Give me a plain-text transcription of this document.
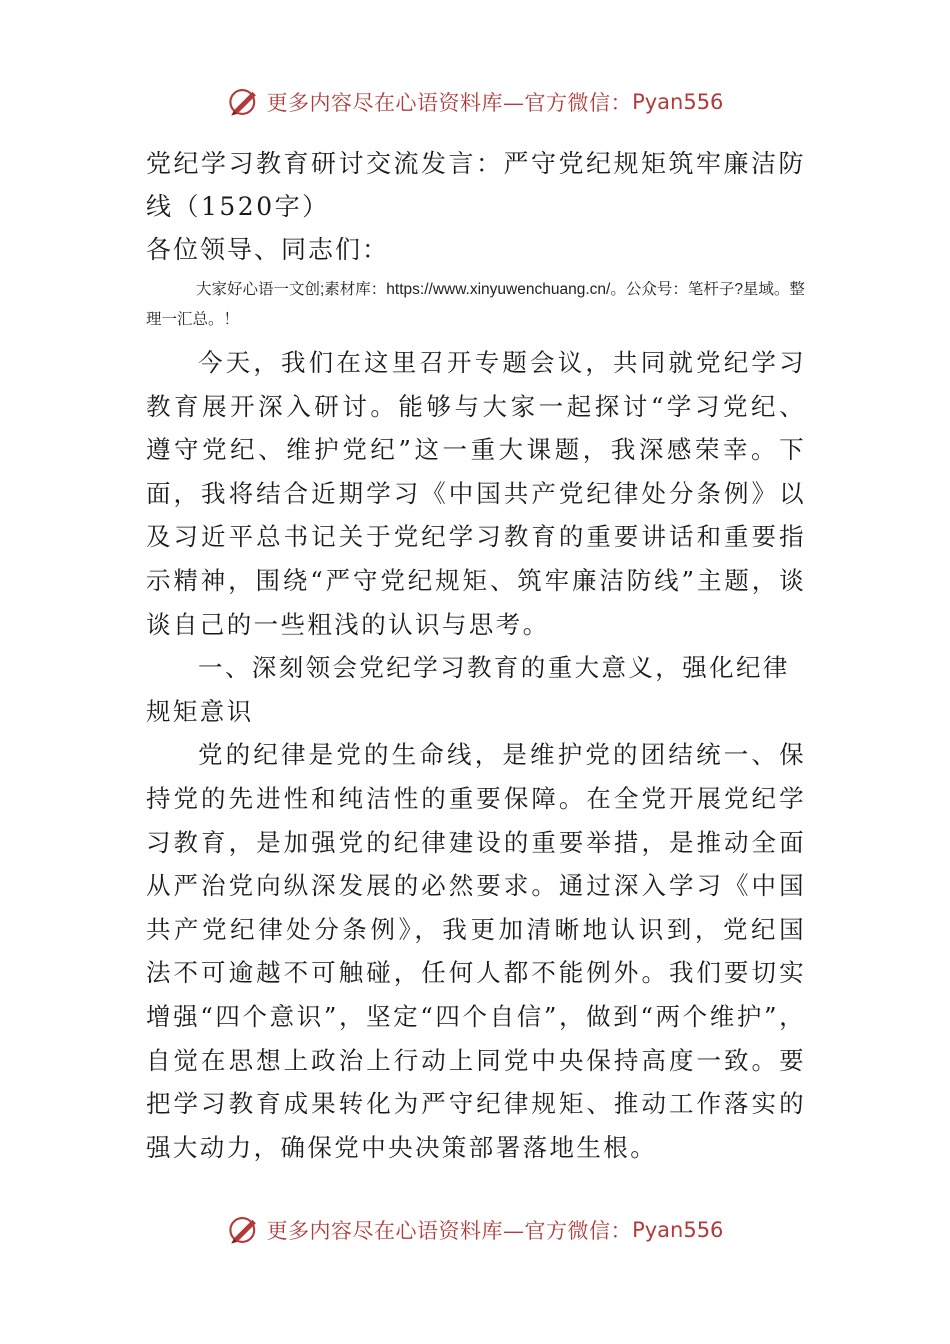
更多内容尽在心语资料库—官方微信： Pyan556
党纪学习教育研讨交流发言：严守党纪规矩筑牢廉洁防线（1520字）

各位领导、同志们：

大家好心语一文创;素材库：https://www.xinyuwenchuang.cn/。公众号：笔杆子?星域。整理一汇总。！

今天，我们在这里召开专题会议，共同就党纪学习教育展开深入研讨。能够与大家一起探讨“学习党纪、遵守党纪、维护党纪”这一重大课题，我深感荣幸。下面，我将结合近期学习《中国共产党纪律处分条例》以及习近平总书记关于党纪学习教育的重要讲话和重要指示精神，围绕“严守党纪规矩、筑牢廉洁防线”主题，谈谈自己的一些粗浅的认识与思考。

一、深刻领会党纪学习教育的重大意义，强化纪律规矩意识

党的纪律是党的生命线，是维护党的团结统一、保持党的先进性和纯洁性的重要保障。在全党开展党纪学习教育，是加强党的纪律建设的重要举措，是推动全面从严治党向纵深发展的必然要求。通过深入学习《中国共产党纪律处分条例》，我更加清晰地认识到，党纪国法不可逾越不可触碰，任何人都不能例外。我们要切实增强“四个意识”，坚定“四个自信”，做到“两个维护”，自觉在思想上政治上行动上同党中央保持高度一致。要把学习教育成果转化为严守纪律规矩、推动工作落实的强大动力，确保党中央决策部署落地生根。

更多内容尽在心语资料库—官方微信： Pyan556
